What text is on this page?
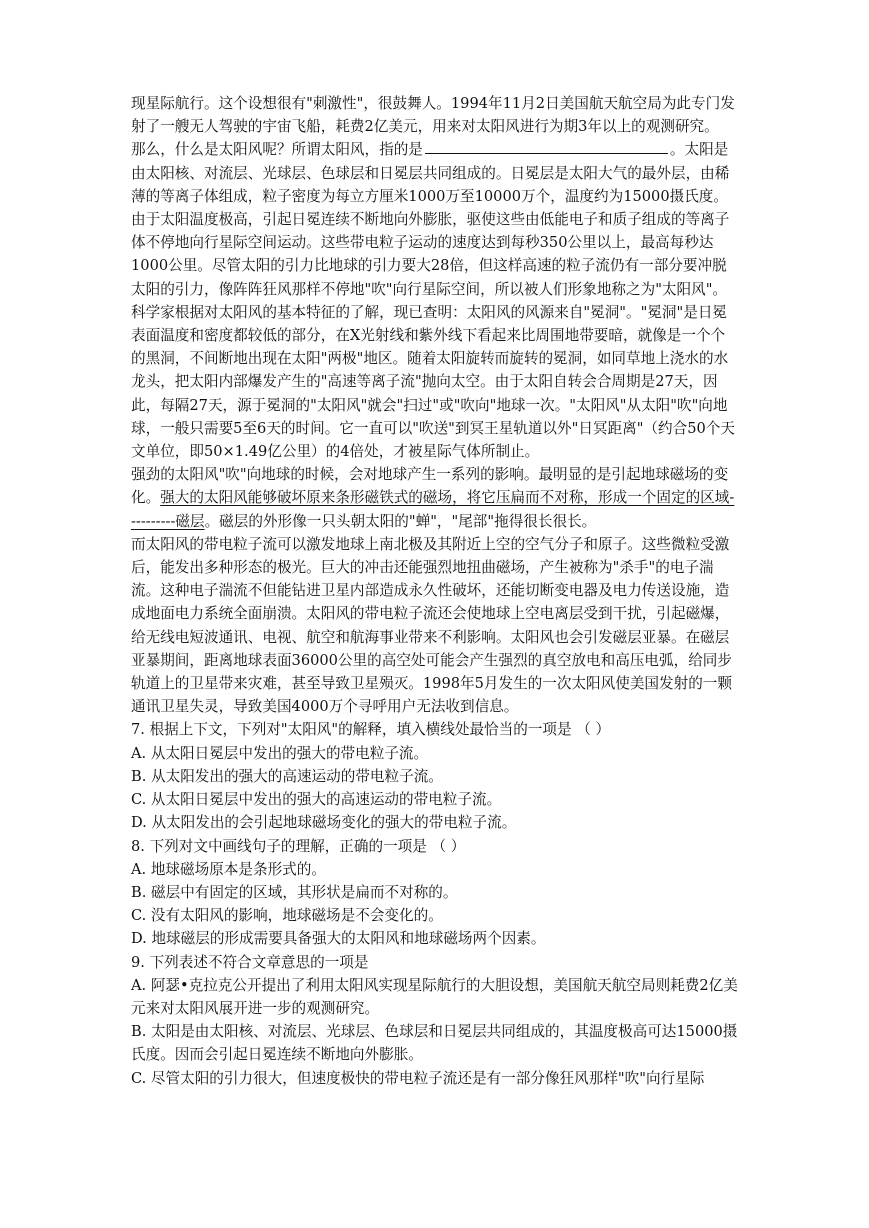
现星际航行。这个设想很有"刺激性"，很鼓舞人。1994年11月2日美国航天航空局为此专门发射了一艘无人驾驶的宇宙飞船，耗费2亿美元，用来对太阳风进行为期3年以上的观测研究。

那么，什么是太阳风呢？所谓太阳风，指的是	。太阳是由太阳核、对流层、光球层、色球层和日冕层共同组成的。日冕层是太阳大气的最外层，由稀薄的等离子体组成，粒子密度为每立方厘米1000万至10000万个，温度约为15000摄氏度。由于太阳温度极高，引起日冕连续不断地向外膨胀，驱使这些由低能电子和质子组成的等离子体不停地向行星际空间运动。这些带电粒子运动的速度达到每秒350公里以上，最高每秒达1000公里。尽管太阳的引力比地球的引力要大28倍，但这样高速的粒子流仍有一部分要冲脱太阳的引力，像阵阵狂风那样不停地"吹"向行星际空间，所以被人们形象地称之为"太阳风"。

科学家根据对太阳风的基本特征的了解，现已查明：太阳风的风源来自"冕洞"。"冕洞"是日冕表面温度和密度都较低的部分，在X光射线和紫外线下看起来比周围地带要暗，就像是一个个的黑洞，不间断地出现在太阳"两极"地区。随着太阳旋转而旋转的冕洞，如同草地上浇水的水龙头，把太阳内部爆发产生的"高速等离子流"抛向太空。由于太阳自转会合周期是27天，因此，每隔27天，源于冕洞的"太阳风"就会"扫过"或"吹向"地球一次。"太阳风"从太阳"吹"向地球，一般只需要5至6天的时间。它一直可以"吹送"到冥王星轨道以外"日冥距离"（约合50个天文单位，即50×1.49亿公里）的4倍处，才被星际气体所制止。

强劲的太阳风"吹"向地球的时候，会对地球产生一系列的影响。最明显的是引起地球磁场的变化。强大的太阳风能够破坏原来条形磁铁式的磁场，将它压扁而不对称，形成一个固定的区域----------磁层。磁层的外形像一只头朝太阳的"蝉"，"尾部"拖得很长很长。

而太阳风的带电粒子流可以激发地球上南北极及其附近上空的空气分子和原子。这些微粒受激后，能发出多种形态的极光。巨大的冲击还能强烈地扭曲磁场，产生被称为"杀手"的电子湍流。这种电子湍流不但能钻进卫星内部造成永久性破坏，还能切断变电器及电力传送设施，造成地面电力系统全面崩溃。太阳风的带电粒子流还会使地球上空电离层受到干扰，引起磁爆，给无线电短波通讯、电视、航空和航海事业带来不利影响。太阳风也会引发磁层亚暴。在磁层亚暴期间，距离地球表面36000公里的高空处可能会产生强烈的真空放电和高压电弧，给同步轨道上的卫星带来灾难，甚至导致卫星殒灭。1998年5月发生的一次太阳风使美国发射的一颗通讯卫星失灵，导致美国4000万个寻呼用户无法收到信息。

7. 根据上下文，下列对"太阳风"的解释，填入横线处最恰当的一项是 （ ）

A. 从太阳日冕层中发出的强大的带电粒子流。

B. 从太阳发出的强大的高速运动的带电粒子流。

C. 从太阳日冕层中发出的强大的高速运动的带电粒子流。

D. 从太阳发出的会引起地球磁场变化的强大的带电粒子流。

8. 下列对文中画线句子的理解，正确的一项是 （ ）

A. 地球磁场原本是条形式的。

B. 磁层中有固定的区域，其形状是扁而不对称的。

C. 没有太阳风的影响，地球磁场是不会变化的。

D. 地球磁层的形成需要具备强大的太阳风和地球磁场两个因素。

9. 下列表述不符合文章意思的一项是

A. 阿瑟•克拉克公开提出了利用太阳风实现星际航行的大胆设想，美国航天航空局则耗费2亿美元来对太阳风展开进一步的观测研究。

B. 太阳是由太阳核、对流层、光球层、色球层和日冕层共同组成的，其温度极高可达15000摄氏度。因而会引起日冕连续不断地向外膨胀。

C. 尽管太阳的引力很大，但速度极快的带电粒子流还是有一部分像狂风那样"吹"向行星际
